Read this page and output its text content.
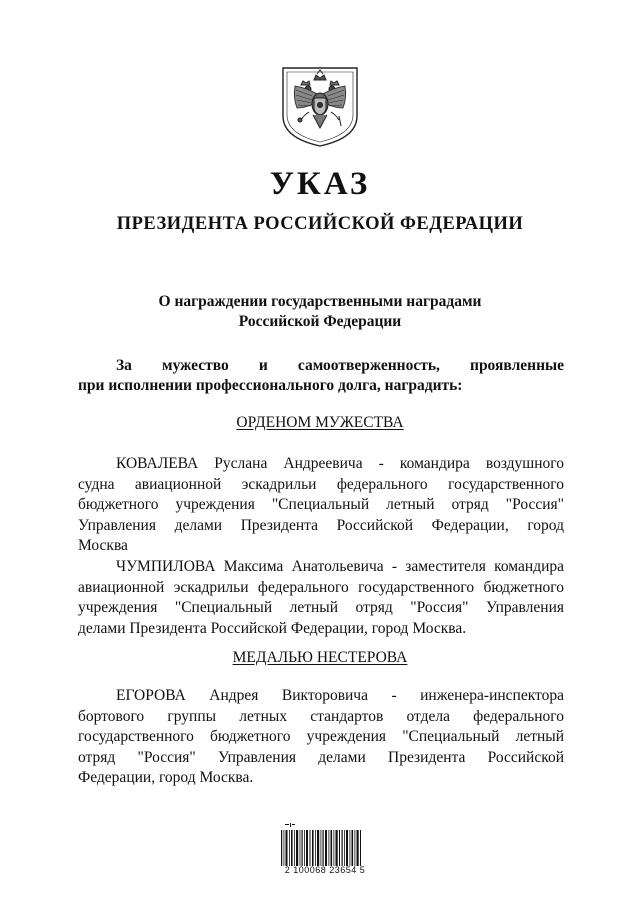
УКАЗ
ПРЕЗИДЕНТА РОССИЙСКОЙ ФЕДЕРАЦИИ
О награждении государственными наградами
Российской Федерации
За мужество и самоотверженность, проявленные
при исполнении профессионального долга, наградить:
ОРДЕНОМ МУЖЕСТВА
КОВАЛЕВА Руслана Андреевича - командира воздушного
судна авиационной эскадрильи федерального государственного
бюджетного учреждения "Специальный летный отряд "Россия"
Управления делами Президента Российской Федерации, город
Москва
ЧУМПИЛОВА Максима Анатольевича - заместителя командира
авиационной эскадрильи федерального государственного бюджетного
учреждения "Специальный летный отряд "Россия" Управления
делами Президента Российской Федерации, город Москва.
МЕДАЛЬЮ НЕСТЕРОВА
ЕГОРОВА Андрея Викторовича - инженера-инспектора
бортового группы летных стандартов отдела федерального
государственного бюджетного учреждения "Специальный летный
отряд "Россия" Управления делами Президента Российской
Федерации, город Москва.
2 100068 23654 5
